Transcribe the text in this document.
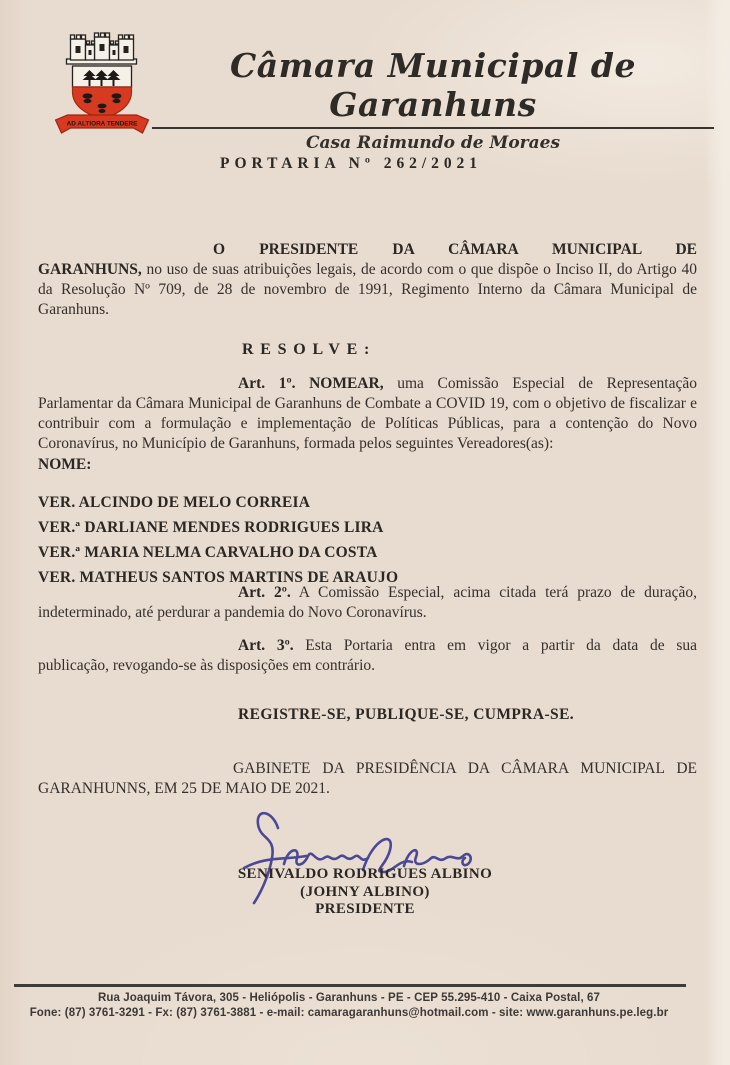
AD ALTIORA TENDERE
Câmara Municipal de Garanhuns
Casa Raimundo de Moraes
PORTARIA Nº 262/2021
O PRESIDENTE DA CÂMARA MUNICIPAL DE
GARANHUNS, no uso de suas atribuições legais, de acordo com o que dispõe o Inciso II, do Artigo 40 da Resolução Nº 709, de 28 de novembro de 1991, Regimento Interno da Câmara Municipal de Garanhuns.
RESOLVE:
Art. 1º. NOMEAR, uma Comissão Especial de Representação
Parlamentar da Câmara Municipal de Garanhuns de Combate a COVID 19, com o objetivo de fiscalizar e contribuir com a formulação e implementação de Políticas Públicas, para a contenção do Novo Coronavírus, no Município de Garanhuns, formada pelos seguintes Vereadores(as):
NOME:
VER. ALCINDO DE MELO CORREIA
VER.ª DARLIANE MENDES RODRIGUES LIRA
VER.ª MARIA NELMA CARVALHO DA COSTA
VER. MATHEUS SANTOS MARTINS DE ARAUJO
Art. 2º. A Comissão Especial, acima citada terá prazo de duração,
indeterminado, até perdurar a pandemia do Novo Coronavírus.
Art. 3º. Esta Portaria entra em vigor a partir da data de sua
publicação, revogando-se às disposições em contrário.
REGISTRE-SE, PUBLIQUE-SE, CUMPRA-SE.
GABINETE DA PRESIDÊNCIA DA CÂMARA MUNICIPAL DE
GARANHUNNS, EM 25 DE MAIO DE 2021.
SENIVALDO RODRIGUES ALBINO
(JOHNY ALBINO)
PRESIDENTE
Rua Joaquim Távora, 305 - Heliópolis - Garanhuns - PE - CEP 55.295-410 - Caixa Postal, 67
Fone: (87) 3761-3291 - Fx: (87) 3761-3881 - e-mail: camaragaranhuns@hotmail.com - site: www.garanhuns.pe.leg.br
